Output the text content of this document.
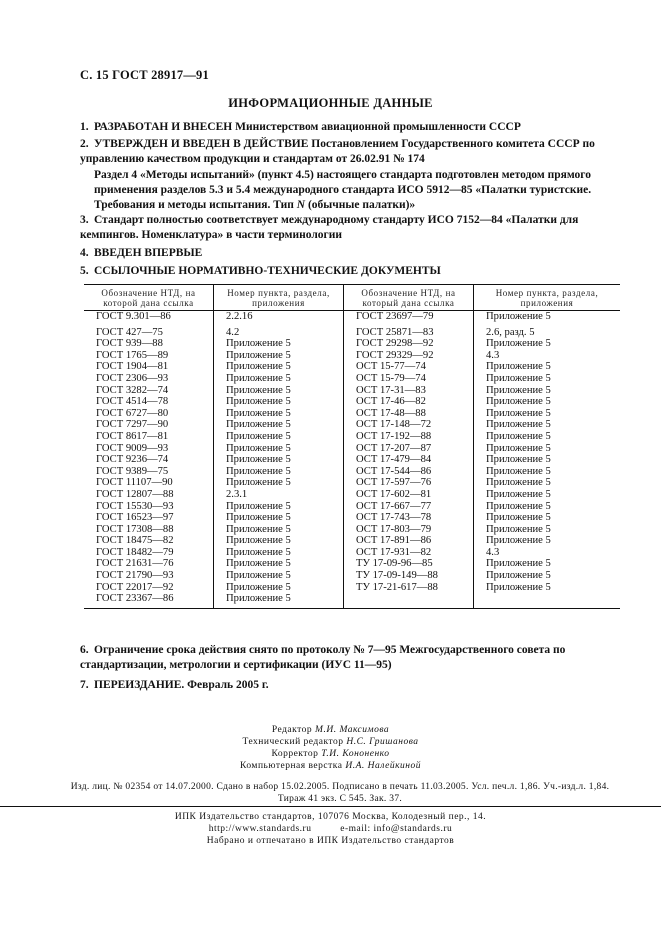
С. 15 ГОСТ 28917—91
ИНФОРМАЦИОННЫЕ ДАННЫЕ
1. РАЗРАБОТАН И ВНЕСЕН Министерством авиационной промышленности СССР
2. УТВЕРЖДЕН И ВВЕДЕН В ДЕЙСТВИЕ Постановлением Государственного комитета СССР по управлению качеством продукции и стандартам от 26.02.91 № 174
Раздел 4 «Методы испытаний» (пункт 4.5) настоящего стандарта подготовлен методом прямого применения разделов 5.3 и 5.4 международного стандарта ИСО 5912—85 «Палатки туристские. Требования и методы испытания. Тип N (обычные палатки)»
3. Стандарт полностью соответствует международному стандарту ИСО 7152—84 «Палатки для кемпингов. Номенклатура» в части терминологии
4. ВВЕДЕН ВПЕРВЫЕ
5. ССЫЛОЧНЫЕ НОРМАТИВНО-ТЕХНИЧЕСКИЕ ДОКУМЕНТЫ
Обозначение НТД, на которой дана ссылка	Номер пункта, раздела, приложения	Обозначение НТД, на который дана ссылка	Номер пункта, раздела, приложения
ГОСТ 9.301—86	2.2.16	ГОСТ 23697—79	Приложение 5
ГОСТ 427—75	4.2	ГОСТ 25871—83	2.6, разд. 5
ГОСТ 939—88	Приложение 5	ГОСТ 29298—92	Приложение 5
ГОСТ 1765—89	Приложение 5	ГОСТ 29329—92	4.3
ГОСТ 1904—81	Приложение 5	ОСТ 15-77—74	Приложение 5
ГОСТ 2306—93	Приложение 5	ОСТ 15-79—74	Приложение 5
ГОСТ 3282—74	Приложение 5	ОСТ 17-31—83	Приложение 5
ГОСТ 4514—78	Приложение 5	ОСТ 17-46—82	Приложение 5
ГОСТ 6727—80	Приложение 5	ОСТ 17-48—88	Приложение 5
ГОСТ 7297—90	Приложение 5	ОСТ 17-148—72	Приложение 5
ГОСТ 8617—81	Приложение 5	ОСТ 17-192—88	Приложение 5
ГОСТ 9009—93	Приложение 5	ОСТ 17-207—87	Приложение 5
ГОСТ 9236—74	Приложение 5	ОСТ 17-479—84	Приложение 5
ГОСТ 9389—75	Приложение 5	ОСТ 17-544—86	Приложение 5
ГОСТ 11107—90	Приложение 5	ОСТ 17-597—76	Приложение 5
ГОСТ 12807—88	2.3.1	ОСТ 17-602—81	Приложение 5
ГОСТ 15530—93	Приложение 5	ОСТ 17-667—77	Приложение 5
ГОСТ 16523—97	Приложение 5	ОСТ 17-743—78	Приложение 5
ГОСТ 17308—88	Приложение 5	ОСТ 17-803—79	Приложение 5
ГОСТ 18475—82	Приложение 5	ОСТ 17-891—86	Приложение 5
ГОСТ 18482—79	Приложение 5	ОСТ 17-931—82	4.3
ГОСТ 21631—76	Приложение 5	ТУ 17-09-96—85	Приложение 5
ГОСТ 21790—93	Приложение 5	ТУ 17-09-149—88	Приложение 5
ГОСТ 22017—92	Приложение 5	ТУ 17-21-617—88	Приложение 5
ГОСТ 23367—86	Приложение 5		
6. Ограничение срока действия снято по протоколу № 7—95 Межгосударственного совета по стандартизации, метрологии и сертификации (ИУС 11—95)
7. ПЕРЕИЗДАНИЕ. Февраль 2005 г.
Редактор М.И. Максимова
Технический редактор Н.С. Гришанова
Корректор Т.И. Кононенко
Компьютерная верстка И.А. Налейкиной
Изд. лиц. № 02354 от 14.07.2000. Сдано в набор 15.02.2005. Подписано в печать 11.03.2005. Усл. печ.л. 1,86. Уч.-изд.л. 1,84.
Тираж 41 экз. С 545. Зак. 37.
ИПК Издательство стандартов, 107076 Москва, Колодезный пер., 14.
http://www.standards.ru	e-mail: info@standards.ru
Набрано и отпечатано в ИПК Издательство стандартов
